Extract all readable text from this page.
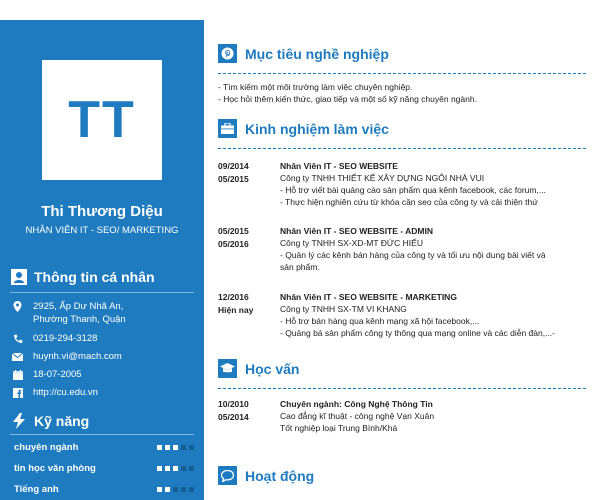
TT
Thi Thương Diệu
NHÂN VIÊN IT - SEO/ MARKETING
Thông tin cá nhân
2925, Ấp Dư Nhã An, Phường Thanh, Quận
0219-294-3128
huynh.vi@mach.com
18-07-2005
http://cu.edu.vn
Kỹ năng
chuyên ngành
tin học văn phòng
Tiếng anh
Mục tiêu nghề nghiệp
- Tìm kiếm một môi trường làm việc chuyên nghiệp.
- Học hỏi thêm kiến thức, giao tiếp và một số kỹ năng chuyên ngành.
Kinh nghiệm làm việc
09/2014
05/2015
Nhân Viên IT - SEO WEBSITE
Công ty TNHH THIẾT KẾ XÂY DỰNG NGÔI NHÀ VUI
- Hỗ trợ viết bài quảng cáo sản phẩm qua kênh facebook, các forum,...
- Thực hiện nghiên cứu từ khóa cần seo của công ty và cải thiện thứ
05/2015
05/2016
Nhân Viên IT - SEO WEBSITE - ADMIN
Công ty TNHH SX-XD-MT ĐỨC HIẾU
- Quản lý các kênh bán hàng của công ty và tối ưu nội dung bài viết và
sản phẩm.
12/2016
Hiện nay
Nhân Viên IT - SEO WEBSITE - MARKETING
Công ty TNHH SX-TM VI KHANG
- Hỗ trợ bán hàng qua kênh mạng xã hội facebook,...
- Quảng bá sản phẩm công ty thông qua mạng online và các diễn đàn,...-
Học vấn
10/2010
05/2014
Chuyên ngành: Công Nghệ Thông Tin
Cao đẳng kĩ thuật - công nghệ Vạn Xuân
Tốt nghiệp loại Trung Bình/Khá
Hoạt động
